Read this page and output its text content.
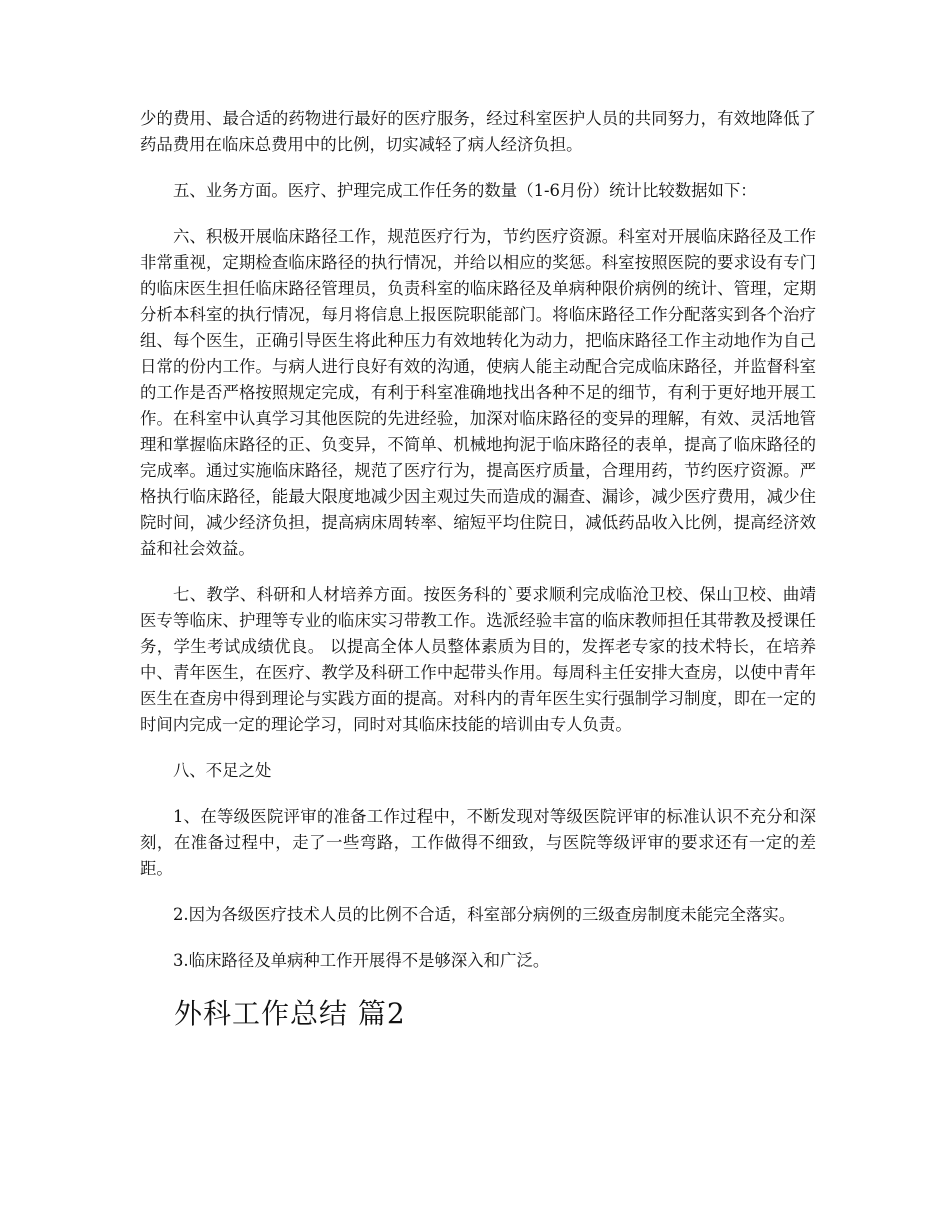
少的费用、最合适的药物进行最好的医疗服务，经过科室医护人员的共同努力，有效地降低了药品费用在临床总费用中的比例，切实减轻了病人经济负担。

五、业务方面。医疗、护理完成工作任务的数量（1-6月份）统计比较数据如下：

六、积极开展临床路径工作，规范医疗行为，节约医疗资源。科室对开展临床路径及工作非常重视，定期检查临床路径的执行情况，并给以相应的奖惩。科室按照医院的要求设有专门的临床医生担任临床路径管理员，负责科室的临床路径及单病种限价病例的统计、管理，定期分析本科室的执行情况，每月将信息上报医院职能部门。将临床路径工作分配落实到各个治疗组、每个医生，正确引导医生将此种压力有效地转化为动力，把临床路径工作主动地作为自己日常的份内工作。与病人进行良好有效的沟通，使病人能主动配合完成临床路径，并监督科室的工作是否严格按照规定完成，有利于科室准确地找出各种不足的细节，有利于更好地开展工作。在科室中认真学习其他医院的先进经验，加深对临床路径的变异的理解，有效、灵活地管理和掌握临床路径的正、负变异，不简单、机械地拘泥于临床路径的表单，提高了临床路径的完成率。通过实施临床路径，规范了医疗行为，提高医疗质量，合理用药，节约医疗资源。严格执行临床路径，能最大限度地减少因主观过失而造成的漏查、漏诊，减少医疗费用，减少住院时间，减少经济负担，提高病床周转率、缩短平均住院日，减低药品收入比例，提高经济效益和社会效益。

七、教学、科研和人材培养方面。按医务科的`要求顺利完成临沧卫校、保山卫校、曲靖医专等临床、护理等专业的临床实习带教工作。选派经验丰富的临床教师担任其带教及授课任务，学生考试成绩优良。 以提高全体人员整体素质为目的，发挥老专家的技术特长，在培养中、青年医生，在医疗、教学及科研工作中起带头作用。每周科主任安排大查房，以使中青年医生在查房中得到理论与实践方面的提高。对科内的青年医生实行强制学习制度，即在一定的时间内完成一定的理论学习，同时对其临床技能的培训由专人负责。

八、不足之处

1、在等级医院评审的准备工作过程中，不断发现对等级医院评审的标准认识不充分和深刻，在准备过程中，走了一些弯路，工作做得不细致，与医院等级评审的要求还有一定的差距。

2.因为各级医疗技术人员的比例不合适，科室部分病例的三级查房制度未能完全落实。

3.临床路径及单病种工作开展得不是够深入和广泛。

外科工作总结 篇2
